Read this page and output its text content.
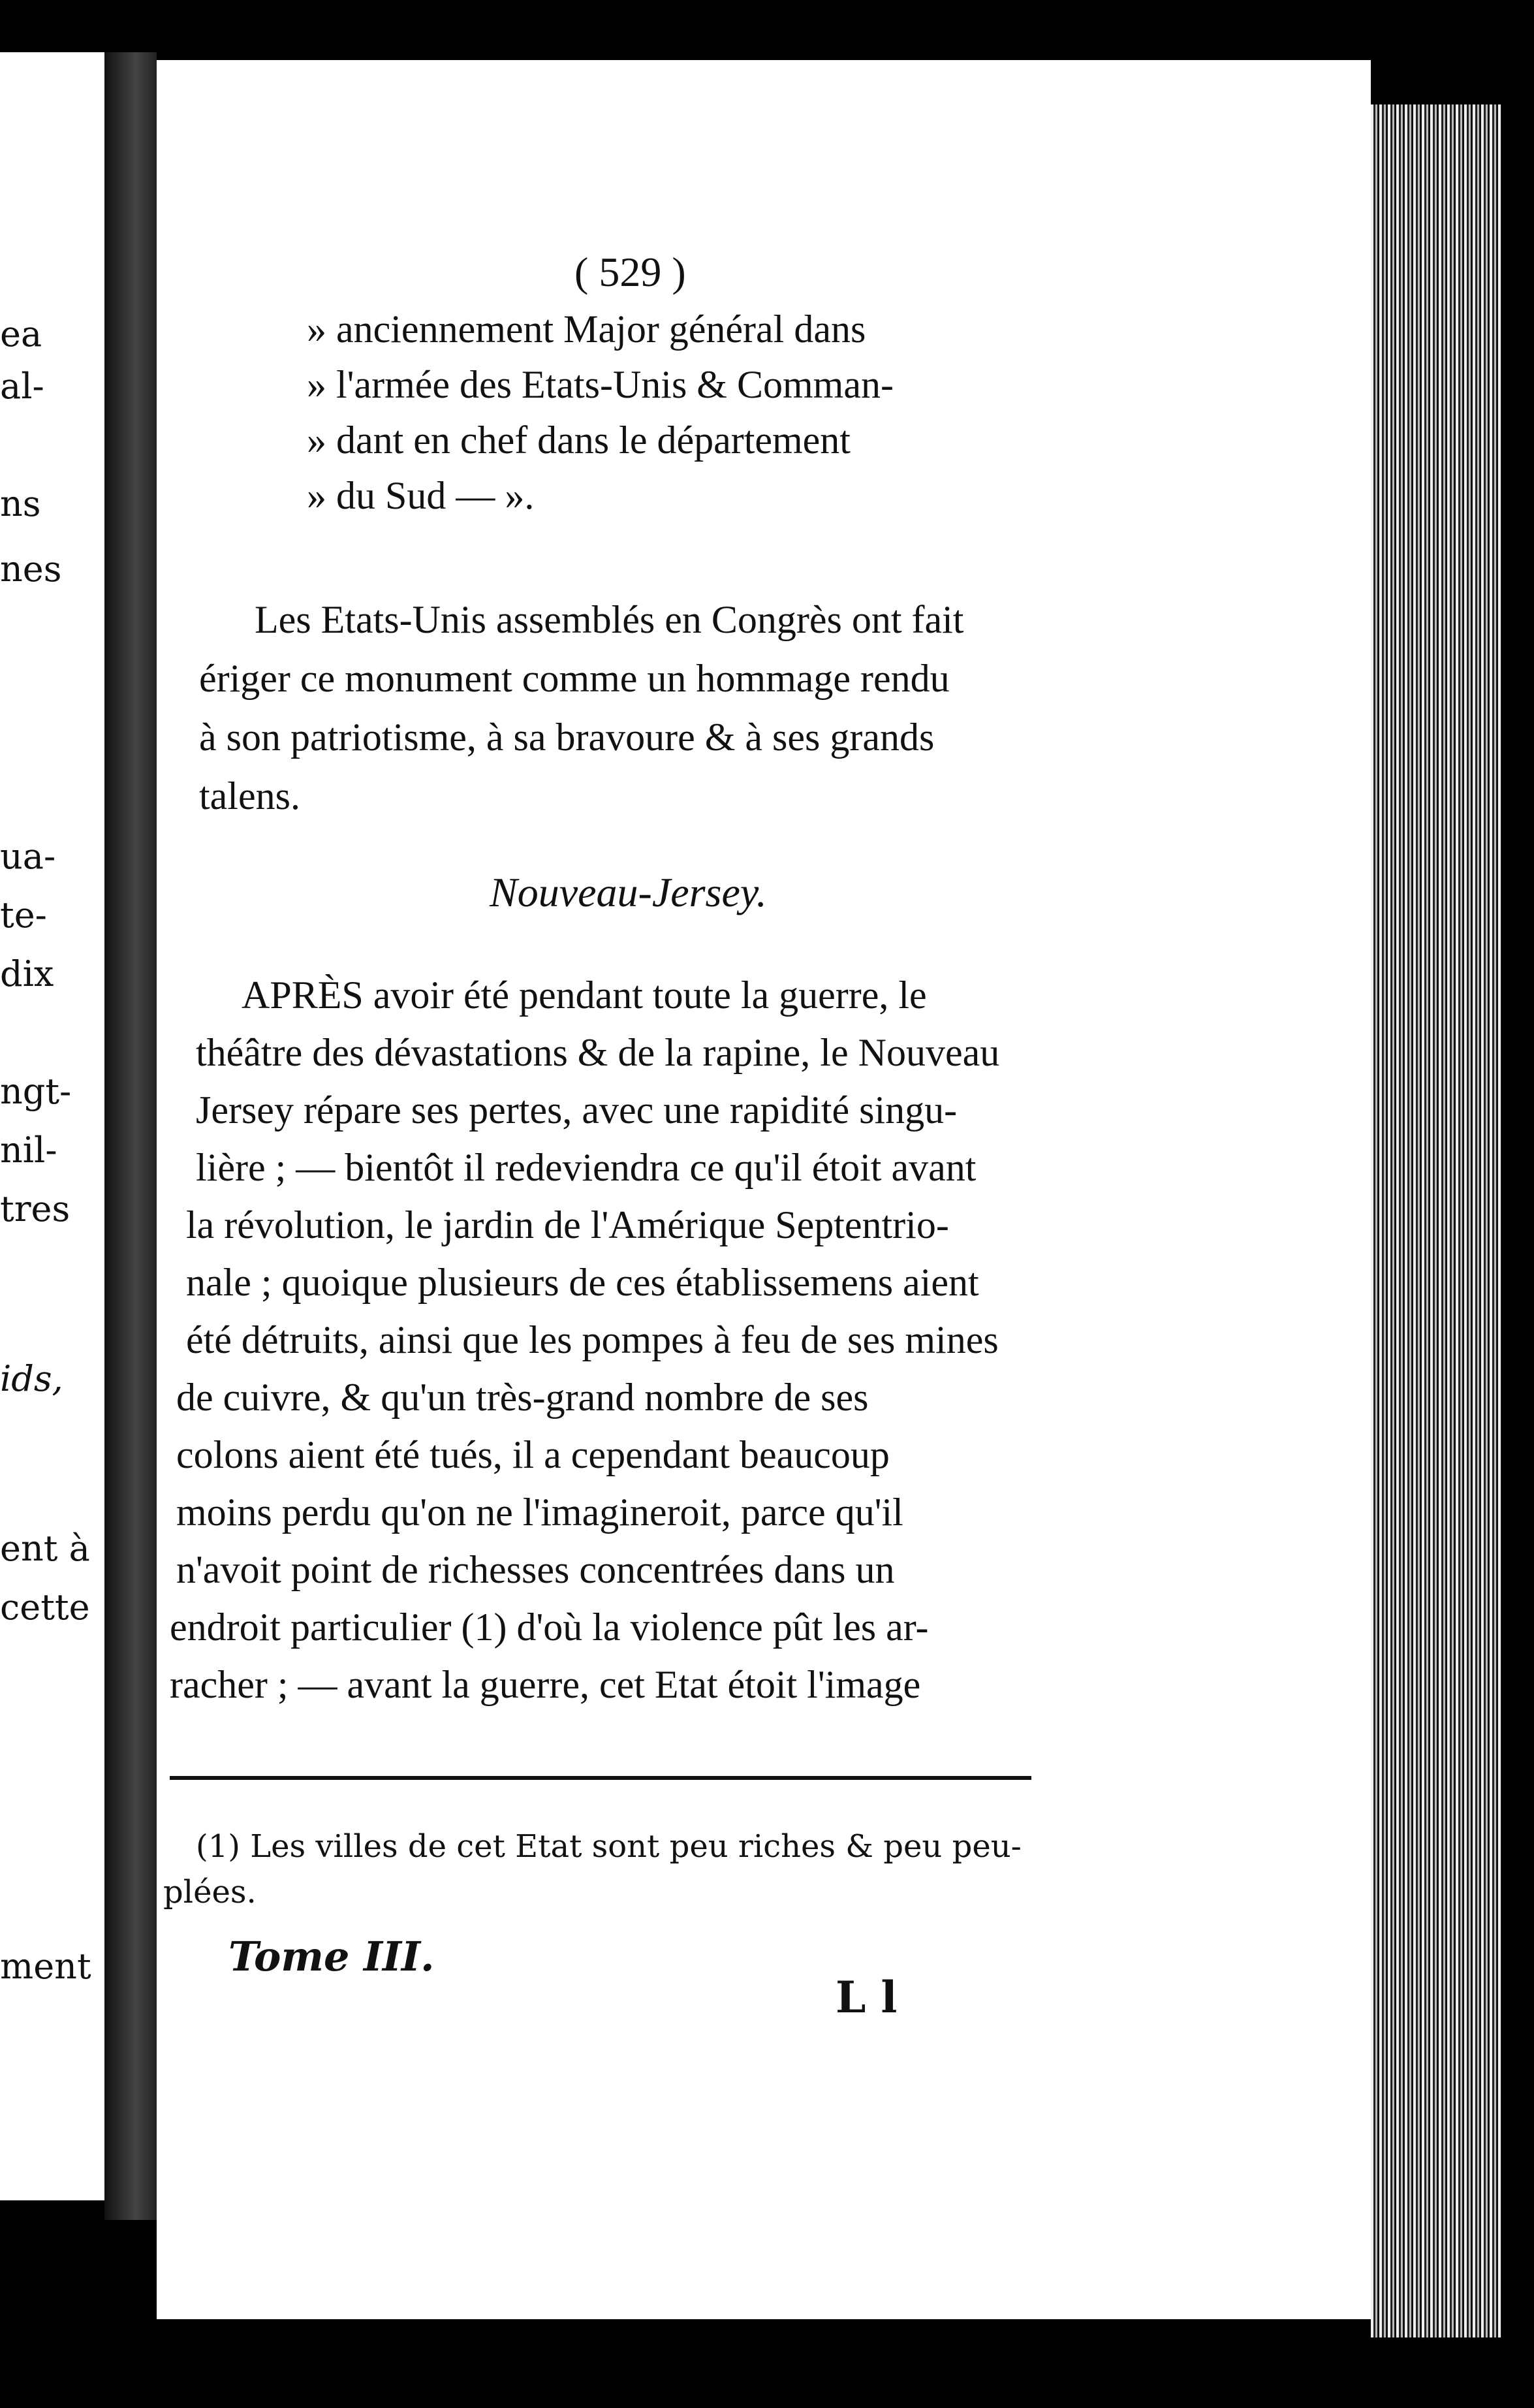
ea
al-
ns
nes
ua-
te-
dix
ngt-
nil-
tres
ids,
ent à
cette
ment
( 529 )
» anciennement Major général dans
» l'armée des Etats-Unis & Comman-
» dant en chef dans le département
» du Sud — ».
Les Etats-Unis assemblés en Congrès ont fait
ériger ce monument comme un hommage rendu
à son patriotisme, à sa bravoure & à ses grands
talens.
Nouveau-Jersey.
APRÈS avoir été pendant toute la guerre, le
théâtre des dévastations & de la rapine, le Nouveau
Jersey répare ses pertes, avec une rapidité singu-
lière ; — bientôt il redeviendra ce qu'il étoit avant
la révolution, le jardin de l'Amérique Septentrio-
nale ; quoique plusieurs de ces établissemens aient
été détruits, ainsi que les pompes à feu de ses mines
de cuivre, & qu'un très-grand nombre de ses
colons aient été tués, il a cependant beaucoup
moins perdu qu'on ne l'imagineroit, parce qu'il
n'avoit point de richesses concentrées dans un
endroit particulier (1) d'où la violence pût les ar-
racher ; — avant la guerre, cet Etat étoit l'image
(1) Les villes de cet Etat sont peu riches & peu peu-
plées.
Tome III.
L l
